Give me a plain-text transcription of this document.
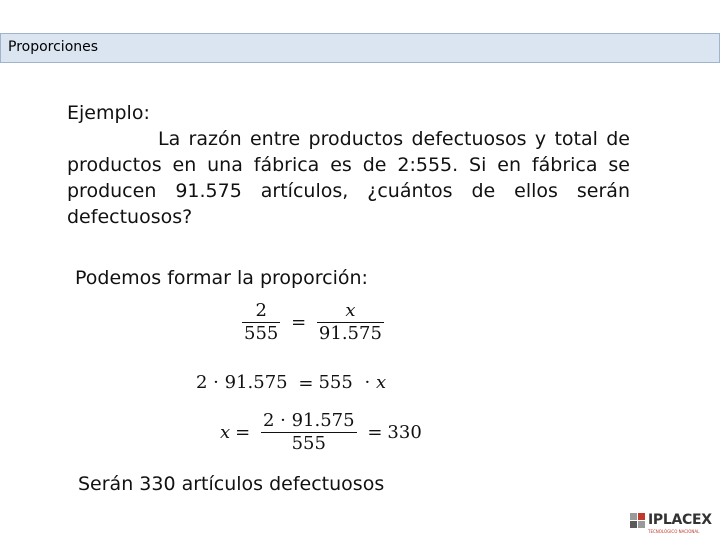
Proporciones

Ejemplo:

La razón entre productos defectuosos y total de productos en una fábrica es de 2:555. Si en fábrica se producen 91.575 artículos, ¿cuántos de ellos serán defectuosos?

Podemos formar la proporción:

$\frac{2}{555} = \frac{x}{91.575}$
2 · 91.575 = 555 · x
$x = \frac{2 \cdot 91.575}{555} = 330$

Serán 330 artículos defectuosos

IPLACEX
TECNOLÓGICO NACIONAL
